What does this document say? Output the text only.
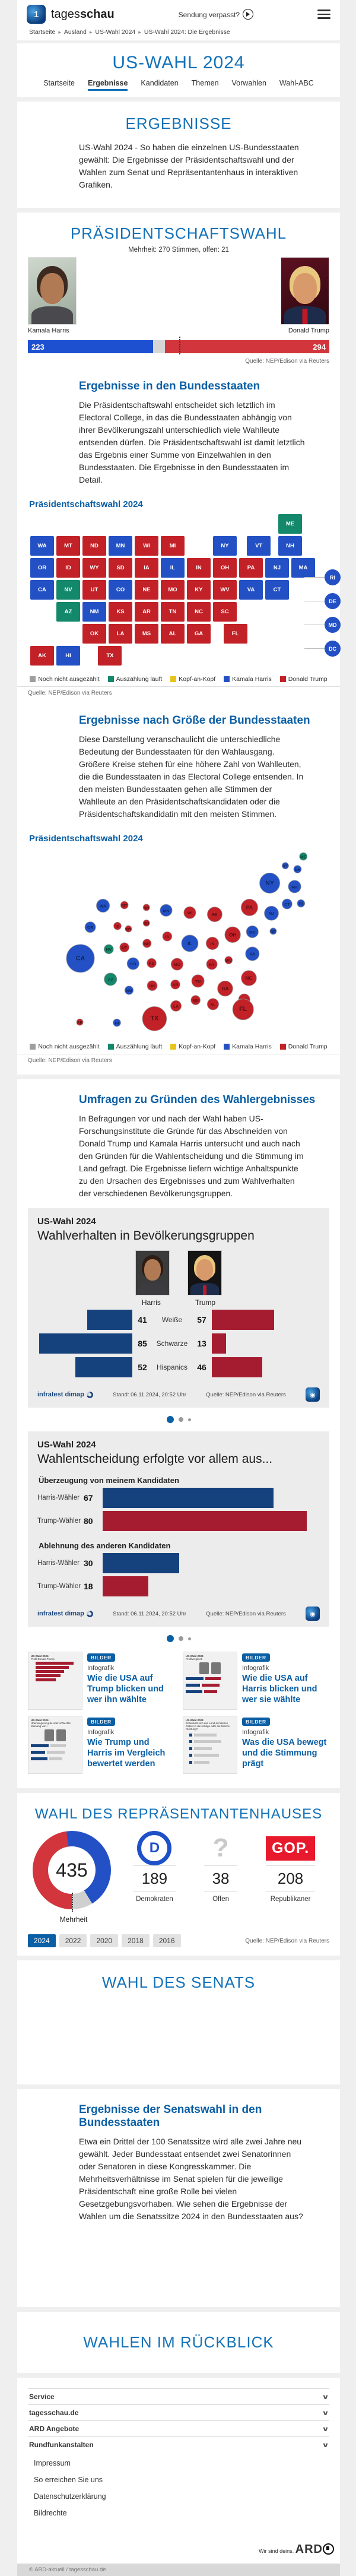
1
tagesschau	Sendung verpasst?
Startseite ▸ Ausland ▸ US-Wahl 2024 ▸ US-Wahl 2024: Die Ergebnisse
US-WAHL 2024
Startseite Ergebnisse Kandidaten Themen Vorwahlen Wahl-ABC
ERGEBNISSE
US-Wahl 2024 - So haben die einzelnen US-Bundesstaaten gewählt: Die Ergebnisse der Präsidentschaftswahl und der Wahlen zum Senat und Repräsentantenhaus in interaktiven Grafiken.
PRÄSIDENTSCHAFTSWAHL
Mehrheit: 270 Stimmen, offen: 21
Kamala Harris	Donald Trump
223	294
Quelle: NEP/Edison via Reuters
Ergebnisse in den Bundesstaaten
Die Präsidentschaftswahl entscheidet sich letztlich im Electoral College, in das die Bundesstaaten abhängig von ihrer Bevölkerungszahl unterschiedlich viele Wahlleute entsenden dürfen. Die Präsidentschaftswahl ist damit letztlich das Ergebnis einer Summe von Einzelwahlen in den Bundesstaaten. Die Ergebnisse in den Bundesstaaten im Detail.
Präsidentschaftswahl 2024
ME
WA	MT	ND	MN	WI	MI	NY	VT	NH
OR	ID	WY	SD	IA	IL	IN	OH	PA	NJ	MA
CA	NV	UT	CO	NE	MO	KY	WV	VA	CT
AZ	NM	KS	AR	TN	NC	SC
OK	LA	MS	AL	GA	FL
AK	HI	TX
RI
DE
MD
DC
Noch nicht ausgezählt	Auszählung läuft	Kopf-an-Kopf	Kamala Harris	Donald Trump
Quelle: NEP/Edison via Reuters
Ergebnisse nach Größe der Bundesstaaten
Diese Darstellung veranschaulicht die unterschiedliche Bedeutung der Bundesstaaten für den Wahlausgang. Größere Kreise stehen für eine höhere Zahl von Wahlleuten, die die Bundesstaaten in das Electoral College entsenden. In den meisten Bundesstaaten gehen alle Stimmen der Wahlleute an den Präsidentschaftskandidaten oder die Präsidentschaftskandidatin mit den meisten Stimmen.
Präsidentschaftswahl 2024
ME
VT
NH
NY
MA
WA	MT
ND
MN
WI	MI
PA
NJ
CT RI
OR	ID
WY
SD
IA	OH	MD	DE
CA
NV UT
NE	IL	IN
VA
CO	KS	MO	KY
WV
NC
AZ
NM
OK	AR
TN
GA
MS
AL
LA
TX
AK	HI
FL
Noch nicht ausgezählt	Auszählung läuft	Kopf-an-Kopf	Kamala Harris	Donald Trump
Quelle: NEP/Edison via Reuters
Umfragen zu Gründen des Wahlergebnisses
In Befragungen vor und nach der Wahl haben US-Forschungsinstitute die Gründe für das Abschneiden von Donald Trump und Kamala Harris untersucht und auch nach den Gründen für die Wahlentscheidung und die Stimmung im Land gefragt. Die Ergebnisse liefern wichtige Anhaltspunkte zu den Ursachen des Ergebnisses und zum Wahlverhalten der verschiedenen Bevölkerungsgruppen.
US-Wahl 2024
Wahlverhalten in Bevölkerungsgruppen
Harris	Trump
41	Weiße	57
85	Schwarze	13
52	Hispanics	46
infratest dimap	Stand: 06.11.2024, 20:52 Uhr	Quelle: NEP/Edison via Reuters	◉
US-Wahl 2024
Wahlentscheidung erfolgte vor allem aus...
Überzeugung von meinem Kandidaten
Harris-Wähler 67
Trump-Wähler 80
Ablehnung des anderen Kandidaten
Harris-Wähler 30
Trump-Wähler 18
infratest dimap	Stand: 06.11.2024, 20:52 Uhr	Quelle: NEP/Edison via Reuters	◉
US-Wahl 2024
Profil Donald Trump	BILDER
Infografik
Wie die USA auf Trump blicken und wer ihn wählte
US-Wahl 2024
Profilvergleich	BILDER
Infografik
Wie die USA auf Harris blicken und wer sie wählte
US-Wahl 2024
Überwiegend gute oder schlechte Meinung von...
BILDER
Infografik
Wie Trump und Harris im Vergleich bewertet werden
US-Wahl 2024
Entwickelt sich das Land auf diesen Gebiet in die richtige oder die falsche Richtung?
BILDER
Infografik
Was die USA bewegt und die Stimmung prägt
WAHL DES REPRÄSENTANTENHAUSES
435
Mehrheit
D
189
Demokraten
?
38
Offen
GOP.
208
Republikaner
2024	2022	2020	2018	2016	Quelle: NEP/Edison via Reuters
WAHL DES SENATS
Ergebnisse der Senatswahl in den Bundesstaaten
Etwa ein Drittel der 100 Senatssitze wird alle zwei Jahre neu gewählt. Jeder Bundesstaat entsendet zwei Senatorinnen oder Senatoren in diese Kongresskammer. Die Mehrheitsverhältnisse im Senat spielen für die jeweilige Präsidentschaft eine große Rolle bei vielen Gesetzgebungsvorhaben. Wie sehen die Ergebnisse der Wahlen um die Senatssitze 2024 in den Bundesstaaten aus?
WAHLEN IM RÜCKBLICK
Service	∨
tagesschau.de	∨
ARD Angebote	∨
Rundfunkanstalten	∨
Impressum
So erreichen Sie uns
Datenschutzerklärung
Bildrechte
Wir sind deins. ARD
© ARD-aktuell / tagesschau.de
